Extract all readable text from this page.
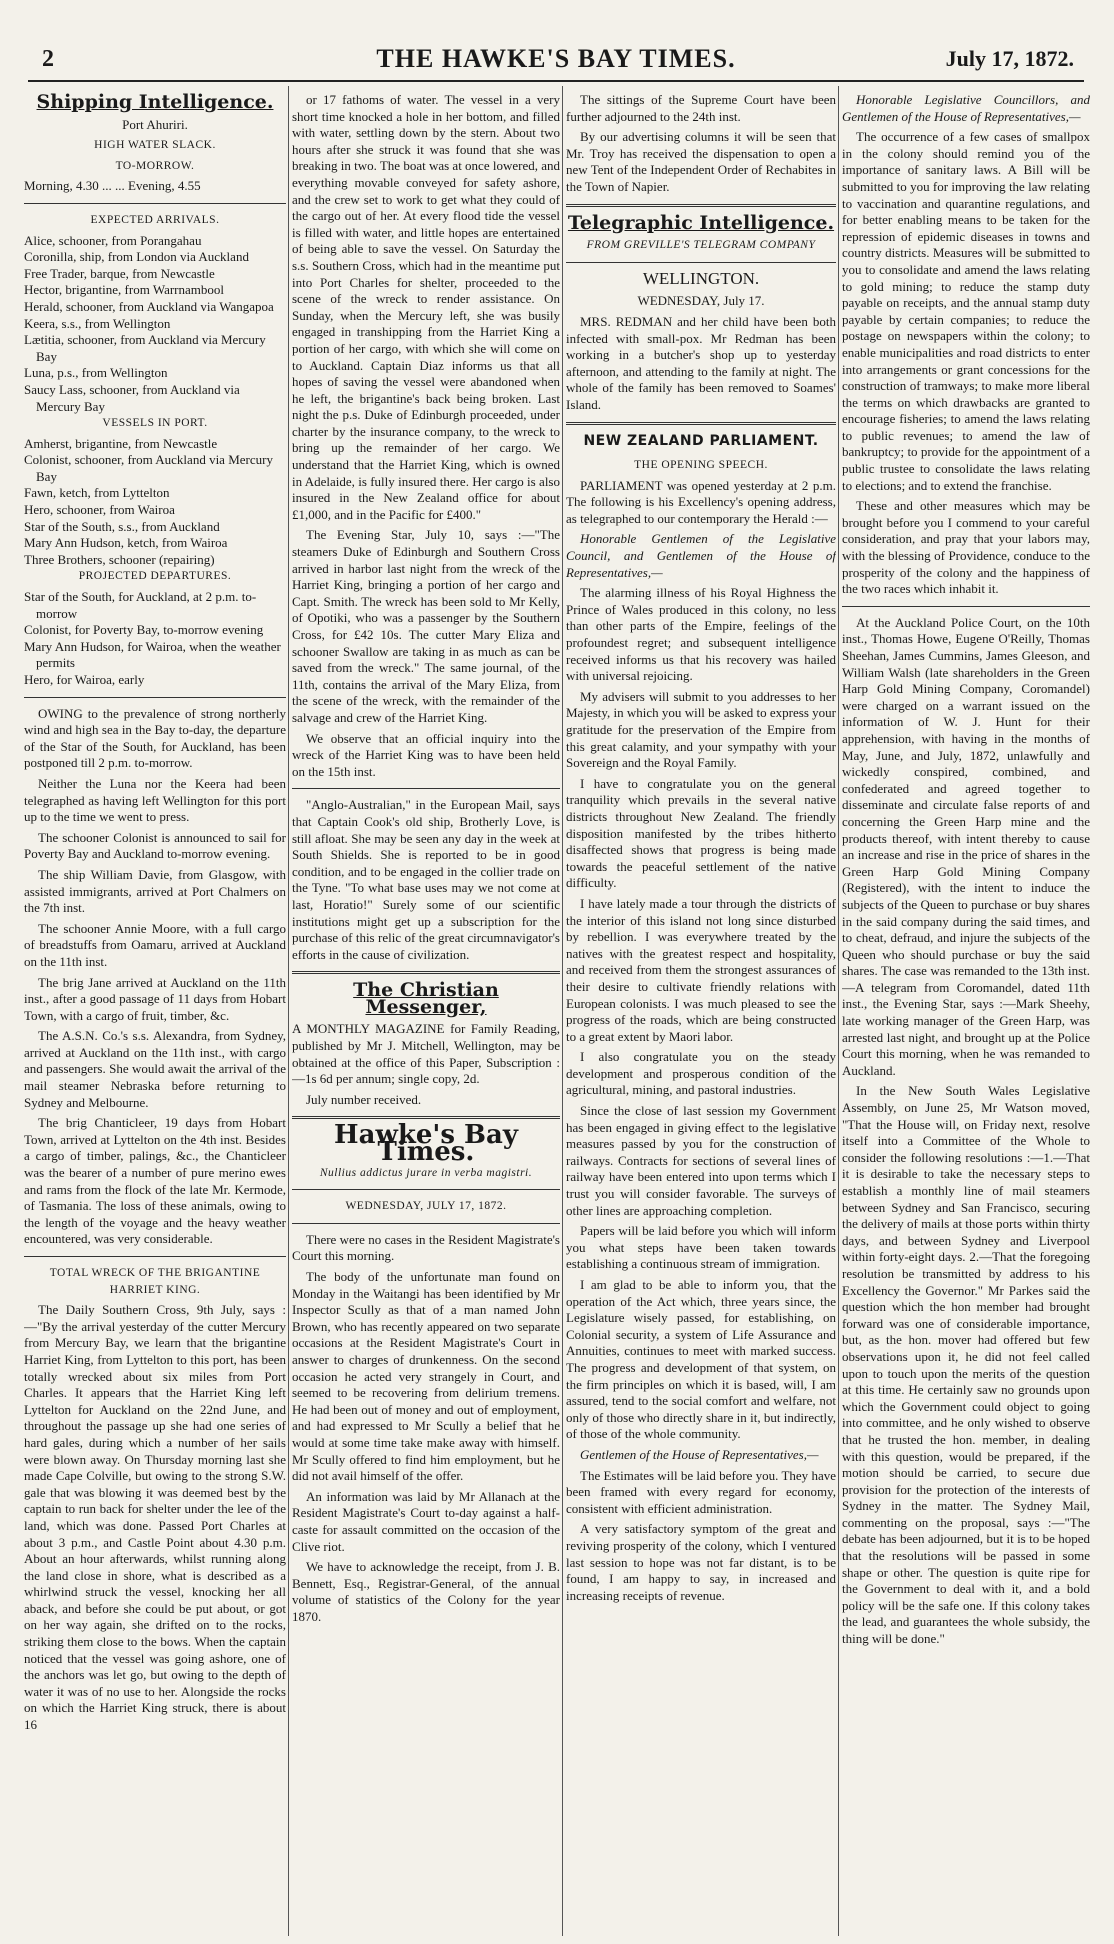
2	THE HAWKE'S BAY TIMES.	July 17, 1872.

Shipping Intelligence.

Port Ahuriri.

HIGH WATER SLACK.

TO-MORROW.

Morning, 4.30 ... ... Evening, 4.55

EXPECTED ARRIVALS.

Alice, schooner, from Porangahau

Coronilla, ship, from London via Auckland

Free Trader, barque, from Newcastle

Hector, brigantine, from Warrnambool

Herald, schooner, from Auckland via Wangapoa

Keera, s.s., from Wellington

Lætitia, schooner, from Auckland via Mercury Bay

Luna, p.s., from Wellington

Saucy Lass, schooner, from Auckland via Mercury Bay

VESSELS IN PORT.

Amherst, brigantine, from Newcastle

Colonist, schooner, from Auckland via Mercury Bay

Fawn, ketch, from Lyttelton

Hero, schooner, from Wairoa

Star of the South, s.s., from Auckland

Mary Ann Hudson, ketch, from Wairoa

Three Brothers, schooner (repairing)

PROJECTED DEPARTURES.

Star of the South, for Auckland, at 2 p.m. to-morrow

Colonist, for Poverty Bay, to-morrow evening

Mary Ann Hudson, for Wairoa, when the weather permits

Hero, for Wairoa, early

OWING to the prevalence of strong northerly wind and high sea in the Bay to-day, the departure of the Star of the South, for Auckland, has been postponed till 2 p.m. to-morrow.

Neither the Luna nor the Keera had been telegraphed as having left Wellington for this port up to the time we went to press.

The schooner Colonist is announced to sail for Poverty Bay and Auckland to-morrow evening.

The ship William Davie, from Glasgow, with assisted immigrants, arrived at Port Chalmers on the 7th inst.

The schooner Annie Moore, with a full cargo of breadstuffs from Oamaru, arrived at Auckland on the 11th inst.

The brig Jane arrived at Auckland on the 11th inst., after a good passage of 11 days from Hobart Town, with a cargo of fruit, timber, &c.

The A.S.N. Co.'s s.s. Alexandra, from Sydney, arrived at Auckland on the 11th inst., with cargo and passengers. She would await the arrival of the mail steamer Nebraska before returning to Sydney and Melbourne.

The brig Chanticleer, 19 days from Hobart Town, arrived at Lyttelton on the 4th inst. Besides a cargo of timber, palings, &c., the Chanticleer was the bearer of a number of pure merino ewes and rams from the flock of the late Mr. Kermode, of Tasmania. The loss of these animals, owing to the length of the voyage and the heavy weather encountered, was very considerable.

TOTAL WRECK OF THE BRIGANTINE HARRIET KING.

The Daily Southern Cross, 9th July, says :—"By the arrival yesterday of the cutter Mercury from Mercury Bay, we learn that the brigantine Harriet King, from Lyttelton to this port, has been totally wrecked about six miles from Port Charles. It appears that the Harriet King left Lyttelton for Auckland on the 22nd June, and throughout the passage up she had one series of hard gales, during which a number of her sails were blown away. On Thursday morning last she made Cape Colville, but owing to the strong S.W. gale that was blowing it was deemed best by the captain to run back for shelter under the lee of the land, which was done. Passed Port Charles at about 3 p.m., and Castle Point about 4.30 p.m. About an hour afterwards, whilst running along the land close in shore, what is described as a whirlwind struck the vessel, knocking her all aback, and before she could be put about, or got on her way again, she drifted on to the rocks, striking them close to the bows. When the captain noticed that the vessel was going ashore, one of the anchors was let go, but owing to the depth of water it was of no use to her. Alongside the rocks on which the Harriet King struck, there is about 16

or 17 fathoms of water. The vessel in a very short time knocked a hole in her bottom, and filled with water, settling down by the stern. About two hours after she struck it was found that she was breaking in two. The boat was at once lowered, and everything movable conveyed for safety ashore, and the crew set to work to get what they could of the cargo out of her. At every flood tide the vessel is filled with water, and little hopes are entertained of being able to save the vessel. On Saturday the s.s. Southern Cross, which had in the meantime put into Port Charles for shelter, proceeded to the scene of the wreck to render assistance. On Sunday, when the Mercury left, she was busily engaged in transhipping from the Harriet King a portion of her cargo, with which she will come on to Auckland. Captain Diaz informs us that all hopes of saving the vessel were abandoned when he left, the brigantine's back being broken. Last night the p.s. Duke of Edinburgh proceeded, under charter by the insurance company, to the wreck to bring up the remainder of her cargo. We understand that the Harriet King, which is owned in Adelaide, is fully insured there. Her cargo is also insured in the New Zealand office for about £1,000, and in the Pacific for £400."

The Evening Star, July 10, says :—"The steamers Duke of Edinburgh and Southern Cross arrived in harbor last night from the wreck of the Harriet King, bringing a portion of her cargo and Capt. Smith. The wreck has been sold to Mr Kelly, of Opotiki, who was a passenger by the Southern Cross, for £42 10s. The cutter Mary Eliza and schooner Swallow are taking in as much as can be saved from the wreck." The same journal, of the 11th, contains the arrival of the Mary Eliza, from the scene of the wreck, with the remainder of the salvage and crew of the Harriet King.

We observe that an official inquiry into the wreck of the Harriet King was to have been held on the 15th inst.

"Anglo-Australian," in the European Mail, says that Captain Cook's old ship, Brotherly Love, is still afloat. She may be seen any day in the week at South Shields. She is reported to be in good condition, and to be engaged in the collier trade on the Tyne. "To what base uses may we not come at last, Horatio!" Surely some of our scientific institutions might get up a subscription for the purchase of this relic of the great circumnavigator's efforts in the cause of civilization.

The Christian Messenger,

A MONTHLY MAGAZINE for Family Reading, published by Mr J. Mitchell, Wellington, may be obtained at the office of this Paper, Subscription :—1s 6d per annum; single copy, 2d.

July number received.

Hawke's Bay Times.

Nullius addictus jurare in verba magistri.

WEDNESDAY, JULY 17, 1872.

There were no cases in the Resident Magistrate's Court this morning.

The body of the unfortunate man found on Monday in the Waitangi has been identified by Mr Inspector Scully as that of a man named John Brown, who has recently appeared on two separate occasions at the Resident Magistrate's Court in answer to charges of drunkenness. On the second occasion he acted very strangely in Court, and seemed to be recovering from delirium tremens. He had been out of money and out of employment, and had expressed to Mr Scully a belief that he would at some time take make away with himself. Mr Scully offered to find him employment, but he did not avail himself of the offer.

An information was laid by Mr Allanach at the Resident Magistrate's Court to-day against a half-caste for assault committed on the occasion of the Clive riot.

We have to acknowledge the receipt, from J. B. Bennett, Esq., Registrar-General, of the annual volume of statistics of the Colony for the year 1870.

The sittings of the Supreme Court have been further adjourned to the 24th inst.

By our advertising columns it will be seen that Mr. Troy has received the dispensation to open a new Tent of the Independent Order of Rechabites in the Town of Napier.

Telegraphic Intelligence.

FROM GREVILLE'S TELEGRAM COMPANY

WELLINGTON.

WEDNESDAY, July 17.

MRS. REDMAN and her child have been both infected with small-pox. Mr Redman has been working in a butcher's shop up to yesterday afternoon, and attending to the family at night. The whole of the family has been removed to Soames' Island.

NEW ZEALAND PARLIAMENT.

THE OPENING SPEECH.

PARLIAMENT was opened yesterday at 2 p.m. The following is his Excellency's opening address, as telegraphed to our contemporary the Herald :—

Honorable Gentlemen of the Legislative Council, and Gentlemen of the House of Representatives,—

The alarming illness of his Royal Highness the Prince of Wales produced in this colony, no less than other parts of the Empire, feelings of the profoundest regret; and subsequent intelligence received informs us that his recovery was hailed with universal rejoicing.

My advisers will submit to you addresses to her Majesty, in which you will be asked to express your gratitude for the preservation of the Empire from this great calamity, and your sympathy with your Sovereign and the Royal Family.

I have to congratulate you on the general tranquility which prevails in the several native districts throughout New Zealand. The friendly disposition manifested by the tribes hitherto disaffected shows that progress is being made towards the peaceful settlement of the native difficulty.

I have lately made a tour through the districts of the interior of this island not long since disturbed by rebellion. I was everywhere treated by the natives with the greatest respect and hospitality, and received from them the strongest assurances of their desire to cultivate friendly relations with European colonists. I was much pleased to see the progress of the roads, which are being constructed to a great extent by Maori labor.

I also congratulate you on the steady development and prosperous condition of the agricultural, mining, and pastoral industries.

Since the close of last session my Government has been engaged in giving effect to the legislative measures passed by you for the construction of railways. Contracts for sections of several lines of railway have been entered into upon terms which I trust you will consider favorable. The surveys of other lines are approaching completion.

Papers will be laid before you which will inform you what steps have been taken towards establishing a continuous stream of immigration.

I am glad to be able to inform you, that the operation of the Act which, three years since, the Legislature wisely passed, for establishing, on Colonial security, a system of Life Assurance and Annuities, continues to meet with marked success. The progress and development of that system, on the firm principles on which it is based, will, I am assured, tend to the social comfort and welfare, not only of those who directly share in it, but indirectly, of those of the whole community.

Gentlemen of the House of Representatives,—

The Estimates will be laid before you. They have been framed with every regard for economy, consistent with efficient administration.

A very satisfactory symptom of the great and reviving prosperity of the colony, which I ventured last session to hope was not far distant, is to be found, I am happy to say, in increased and increasing receipts of revenue.

Honorable Legislative Councillors, and Gentlemen of the House of Representatives,—

The occurrence of a few cases of smallpox in the colony should remind you of the importance of sanitary laws. A Bill will be submitted to you for improving the law relating to vaccination and quarantine regulations, and for better enabling means to be taken for the repression of epidemic diseases in towns and country districts. Measures will be submitted to you to consolidate and amend the laws relating to gold mining; to reduce the stamp duty payable on receipts, and the annual stamp duty payable by certain companies; to reduce the postage on newspapers within the colony; to enable municipalities and road districts to enter into arrangements or grant concessions for the construction of tramways; to make more liberal the terms on which drawbacks are granted to encourage fisheries; to amend the laws relating to public revenues; to amend the law of bankruptcy; to provide for the appointment of a public trustee to consolidate the laws relating to elections; and to extend the franchise.

These and other measures which may be brought before you I commend to your careful consideration, and pray that your labors may, with the blessing of Providence, conduce to the prosperity of the colony and the happiness of the two races which inhabit it.

At the Auckland Police Court, on the 10th inst., Thomas Howe, Eugene O'Reilly, Thomas Sheehan, James Cummins, James Gleeson, and William Walsh (late shareholders in the Green Harp Gold Mining Company, Coromandel) were charged on a warrant issued on the information of W. J. Hunt for their apprehension, with having in the months of May, June, and July, 1872, unlawfully and wickedly conspired, combined, and confederated and agreed together to disseminate and circulate false reports of and concerning the Green Harp mine and the products thereof, with intent thereby to cause an increase and rise in the price of shares in the Green Harp Gold Mining Company (Registered), with the intent to induce the subjects of the Queen to purchase or buy shares in the said company during the said times, and to cheat, defraud, and injure the subjects of the Queen who should purchase or buy the said shares. The case was remanded to the 13th inst.—A telegram from Coromandel, dated 11th inst., the Evening Star, says :—Mark Sheehy, late working manager of the Green Harp, was arrested last night, and brought up at the Police Court this morning, when he was remanded to Auckland.

In the New South Wales Legislative Assembly, on June 25, Mr Watson moved, "That the House will, on Friday next, resolve itself into a Committee of the Whole to consider the following resolutions :—1.—That it is desirable to take the necessary steps to establish a monthly line of mail steamers between Sydney and San Francisco, securing the delivery of mails at those ports within thirty days, and between Sydney and Liverpool within forty-eight days. 2.—That the foregoing resolution be transmitted by address to his Excellency the Governor." Mr Parkes said the question which the hon member had brought forward was one of considerable importance, but, as the hon. mover had offered but few observations upon it, he did not feel called upon to touch upon the merits of the question at this time. He certainly saw no grounds upon which the Government could object to going into committee, and he only wished to observe that he trusted the hon. member, in dealing with this question, would be prepared, if the motion should be carried, to secure due provision for the protection of the interests of Sydney in the matter. The Sydney Mail, commenting on the proposal, says :—"The debate has been adjourned, but it is to be hoped that the resolutions will be passed in some shape or other. The question is quite ripe for the Government to deal with it, and a bold policy will be the safe one. If this colony takes the lead, and guarantees the whole subsidy, the thing will be done."
